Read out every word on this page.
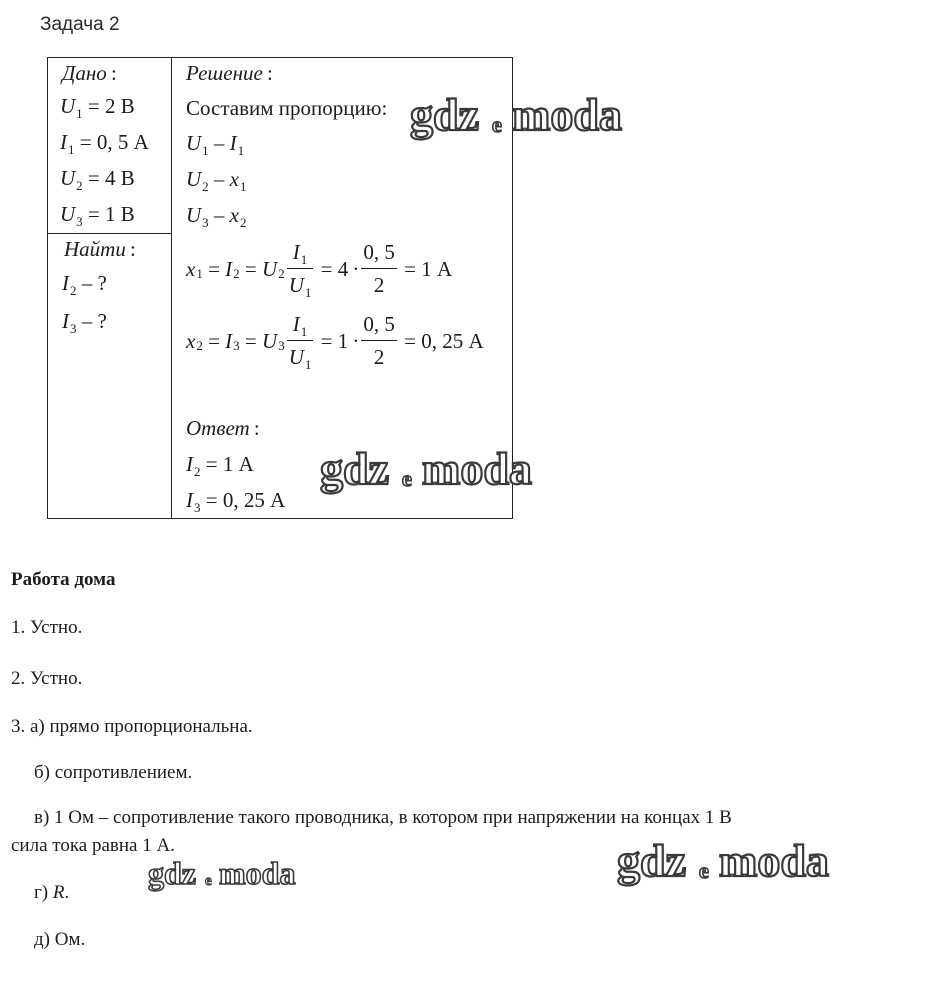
Задача 2
Дано :
$U_1 = 2$ В
$I_1 = 0$, 5 А
$U_2 = 4$ В
$U_3 = 1$ В
Найти :
$I_2$ – ?
$I_3$ – ?
Решение :
Составим пропорцию:
$U_1 - I_1$
$U_2 - x_1$
$U_3 - x_2$
x 1 = I 2 = U $2 \frac{I_1}{U_1} = 4 \cdot \frac{0, 5}{2}$
= 1 А
x 2 = I 3 = U $3 \frac{I_1}{U_1} = 1 \cdot \frac{0, 5}{2}$
= 0, 25 А
Ответ :
$I_2 = 1$ А
$I_3 = 0$, 25 А
Работа дома
1. Устно.
2. Устно.
3. а) прямо пропорциональна.
б) сопротивлением.
в) 1 Ом – сопротивление такого проводника, в котором при напряжении на концах 1 В
сила тока равна 1 А.
г) R.
д) Ом.
gdz e moda
gdz e moda
gdz e moda
gdz e moda
